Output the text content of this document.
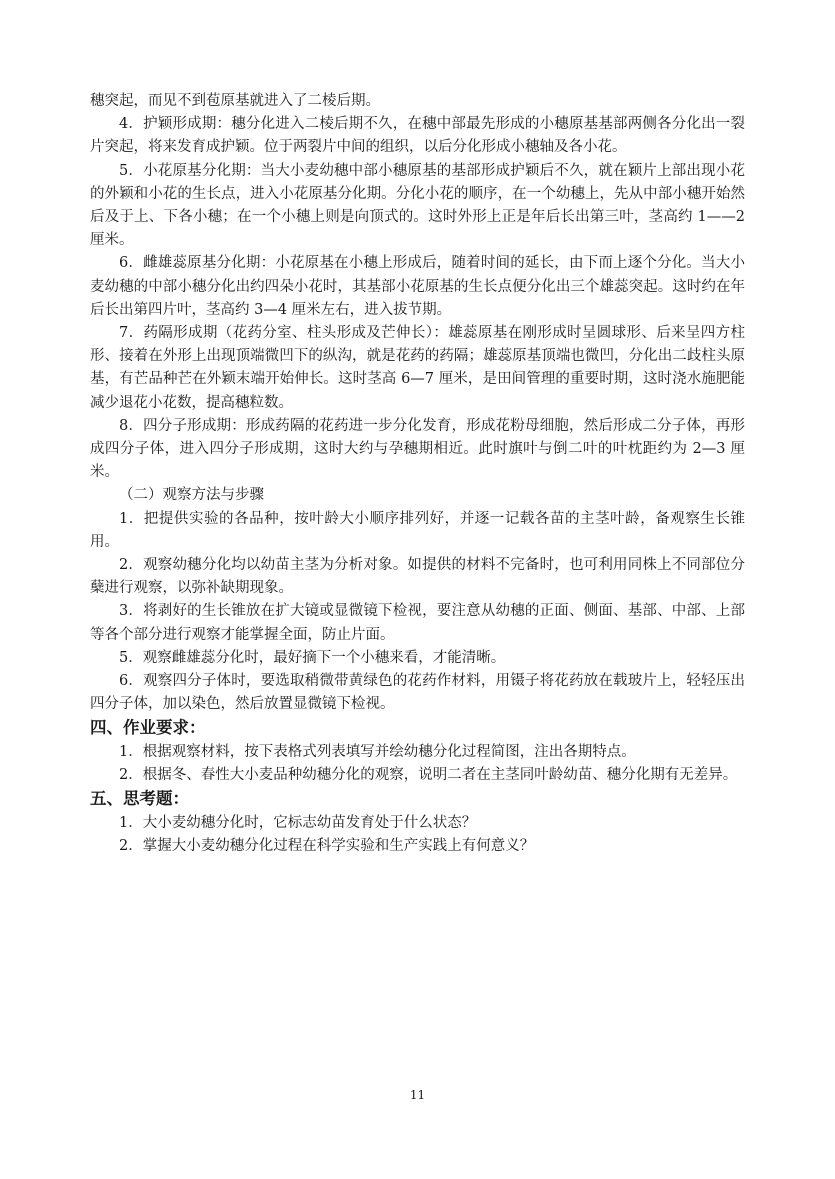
穗突起，而见不到苞原基就进入了二棱后期。

4．护颖形成期：穗分化进入二棱后期不久，在穗中部最先形成的小穗原基基部两侧各分化出一裂片突起，将来发育成护颖。位于两裂片中间的组织，以后分化形成小穗轴及各小花。

5．小花原基分化期：当大小麦幼穗中部小穗原基的基部形成护颖后不久，就在颖片上部出现小花的外颖和小花的生长点，进入小花原基分化期。分化小花的顺序，在一个幼穗上，先从中部小穗开始然后及于上、下各小穗；在一个小穗上则是向顶式的。这时外形上正是年后长出第三叶，茎高约 1——2 厘米。

6．雌雄蕊原基分化期：小花原基在小穗上形成后，随着时间的延长，由下而上逐个分化。当大小麦幼穗的中部小穗分化出约四朵小花时，其基部小花原基的生长点便分化出三个雄蕊突起。这时约在年后长出第四片叶，茎高约 3—4 厘米左右，进入拔节期。

7．药隔形成期（花药分室、柱头形成及芒伸长）：雄蕊原基在刚形成时呈圆球形、后来呈四方柱形、接着在外形上出现顶端微凹下的纵沟，就是花药的药隔；雄蕊原基顶端也微凹，分化出二歧柱头原基，有芒品种芒在外颖末端开始伸长。这时茎高 6—7 厘米，是田间管理的重要时期，这时浇水施肥能减少退花小花数，提高穗粒数。

8．四分子形成期：形成药隔的花药进一步分化发育，形成花粉母细胞，然后形成二分子体，再形成四分子体，进入四分子形成期，这时大约与孕穗期相近。此时旗叶与倒二叶的叶枕距约为 2—3 厘米。

（二）观察方法与步骤

1．把提供实验的各品种，按叶龄大小顺序排列好，并逐一记载各苗的主茎叶龄，备观察生长锥用。

2．观察幼穗分化均以幼苗主茎为分析对象。如提供的材料不完备时，也可利用同株上不同部位分蘖进行观察，以弥补缺期现象。

3．将剥好的生长锥放在扩大镜或显微镜下检视，要注意从幼穗的正面、侧面、基部、中部、上部等各个部分进行观察才能掌握全面，防止片面。

5．观察雌雄蕊分化时，最好摘下一个小穗来看，才能清晰。

6．观察四分子体时，要选取稍微带黄绿色的花药作材料，用镊子将花药放在载玻片上，轻轻压出四分子体，加以染色，然后放置显微镜下检视。

四、作业要求：

1．根据观察材料，按下表格式列表填写并绘幼穗分化过程简图，注出各期特点。

2．根据冬、春性大小麦品种幼穗分化的观察，说明二者在主茎同叶龄幼苗、穗分化期有无差异。

五、思考题：

1．大小麦幼穗分化时，它标志幼苗发育处于什么状态？

2．掌握大小麦幼穗分化过程在科学实验和生产实践上有何意义？

11
